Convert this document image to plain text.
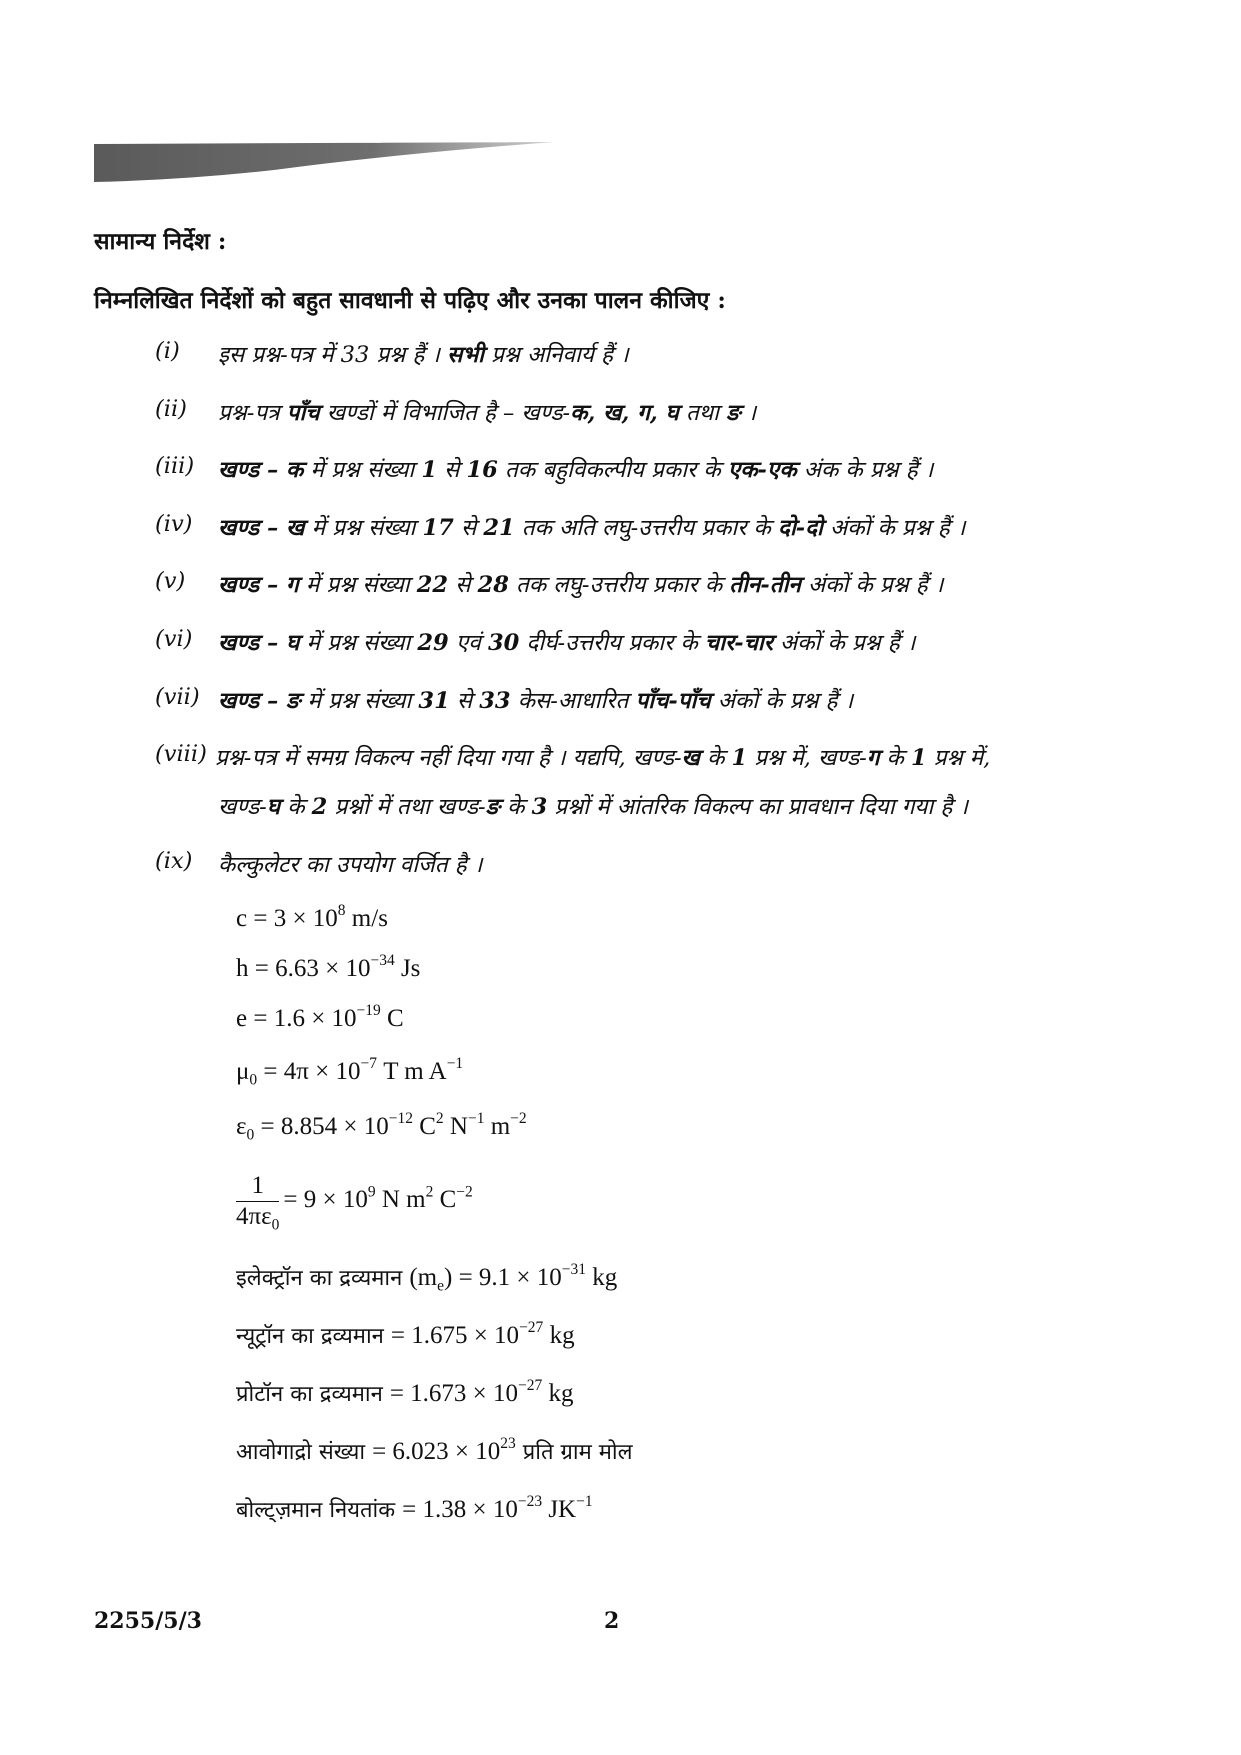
सामान्य निर्देश :
निम्नलिखित निर्देशों को बहुत सावधानी से पढ़िए और उनका पालन कीजिए :
(i) इस प्रश्न-पत्र में 33 प्रश्न हैं । सभी प्रश्न अनिवार्य हैं ।
(ii) प्रश्न-पत्र पाँच खण्डों में विभाजित है – खण्ड-क, ख, ग, घ तथा ङ ।
(iii) खण्ड – क में प्रश्न संख्या 1 से 16 तक बहुविकल्पीय प्रकार के एक-एक अंक के प्रश्न हैं ।
(iv) खण्ड – ख में प्रश्न संख्या 17 से 21 तक अति लघु-उत्तरीय प्रकार के दो-दो अंकों के प्रश्न हैं ।
(v) खण्ड – ग में प्रश्न संख्या 22 से 28 तक लघु-उत्तरीय प्रकार के तीन-तीन अंकों के प्रश्न हैं ।
(vi) खण्ड – घ में प्रश्न संख्या 29 एवं 30 दीर्घ-उत्तरीय प्रकार के चार-चार अंकों के प्रश्न हैं ।
(vii) खण्ड – ङ में प्रश्न संख्या 31 से 33 केस-आधारित पाँच-पाँच अंकों के प्रश्न हैं ।
(viii) प्रश्न-पत्र में समग्र विकल्प नहीं दिया गया है । यद्यपि, खण्ड-ख के 1 प्रश्न में, खण्ड-ग के 1 प्रश्न में,
खण्ड-घ के 2 प्रश्नों में तथा खण्ड-ङ के 3 प्रश्नों में आंतरिक विकल्प का प्रावधान दिया गया है ।
(ix) कैल्कुलेटर का उपयोग वर्जित है ।
$c = 3 \times 10^8$ m/s
$h = 6.63 \times 10^{-34}$ Js
$e = 1.6 \times 10^{-19}$ C
$\mu_0 = 4\pi \times 10^{-7}$ T m $A^{-1}$
$\varepsilon_0 = 8.854 \times 10^{-12}$ $C^2$ $N^{-1}$ $m^{-2}$
$\frac{1}{4\pi\varepsilon_0} = 9 \times 10^9$ N $m^2$ $C^{-2}$
इलेक्ट्रॉन का द्रव्यमान $(m_e) = 9.1 \times 10^{-31}$ kg
न्यूट्रॉन का द्रव्यमान = $1.675 \times 10^{-27}$ kg
प्रोटॉन का द्रव्यमान = $1.673 \times 10^{-27}$ kg
आवोगाद्रो संख्या = $6.023 \times 10^{23}$ प्रति ग्राम मोल
बोल्ट्ज़मान नियतांक = $1.38 \times 10^{-23}$ $JK^{-1}$
2255/5/3	2
